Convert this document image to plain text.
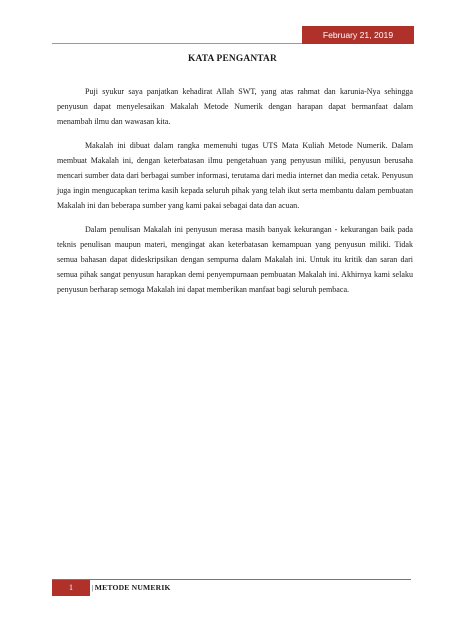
February 21, 2019
KATA PENGANTAR

Puji syukur saya panjatkan kehadirat Allah SWT, yang atas rahmat dan karunia-Nya sehingga penyusun dapat menyelesaikan Makalah Metode Numerik dengan harapan dapat bermanfaat dalam menambah ilmu dan wawasan kita.

Makalah ini dibuat dalam rangka memenuhi tugas UTS Mata Kuliah Metode Numerik. Dalam membuat Makalah ini, dengan keterbatasan ilmu pengetahuan yang penyusun miliki, penyusun berusaha mencari sumber data dari berbagai sumber informasi, terutama dari media internet dan media cetak. Penyusun juga ingin mengucapkan terima kasih kepada seluruh pihak yang telah ikut serta membantu dalam pembuatan Makalah ini dan beberapa sumber yang kami pakai sebagai data dan acuan.

Dalam penulisan Makalah ini penyusun merasa masih banyak kekurangan - kekurangan baik pada teknis penulisan maupun materi, mengingat akan keterbatasan kemampuan yang penyusun miliki. Tidak semua bahasan dapat dideskripsikan dengan sempurna dalam Makalah ini. Untuk itu kritik dan saran dari semua pihak sangat penyusun harapkan demi penyempurnaan pembuatan Makalah ini. Akhirnya kami selaku penyusun berharap semoga Makalah ini dapat memberikan manfaat bagi seluruh pembaca.

1	|METODE NUMERIK
